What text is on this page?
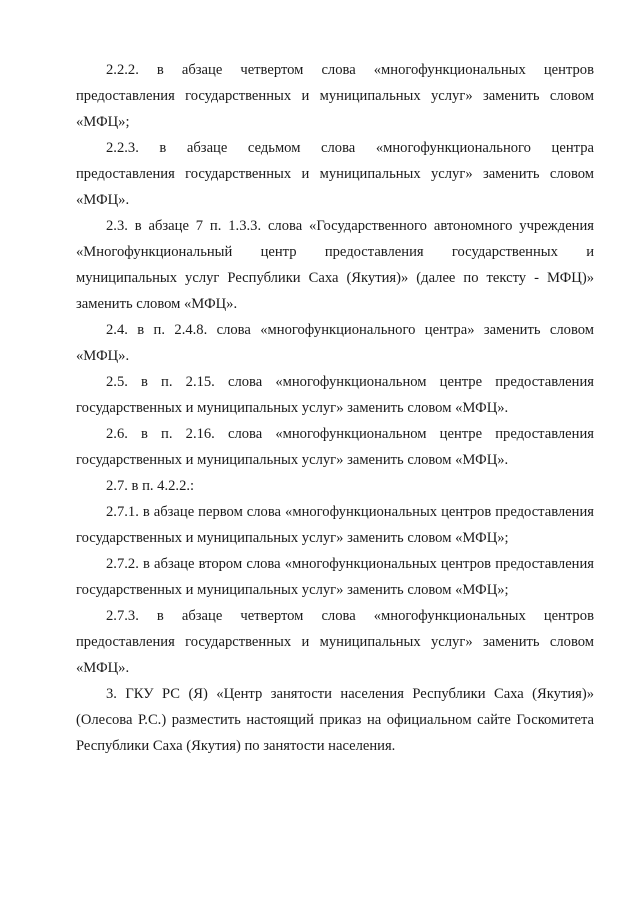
2.2.2. в абзаце четвертом слова «многофункциональных центров предоставления государственных и муниципальных услуг» заменить словом «МФЦ»;

2.2.3. в абзаце седьмом слова «многофункционального центра предоставления государственных и муниципальных услуг» заменить словом «МФЦ».

2.3. в абзаце 7 п. 1.3.3. слова «Государственного автономного учреждения «Многофункциональный центр предоставления государственных и муниципальных услуг Республики Саха (Якутия)» (далее по тексту - МФЦ)» заменить словом «МФЦ».

2.4. в п. 2.4.8. слова «многофункционального центра» заменить словом «МФЦ».

2.5. в п. 2.15. слова «многофункциональном центре предоставления государственных и муниципальных услуг» заменить словом «МФЦ».

2.6. в п. 2.16. слова «многофункциональном центре предоставления государственных и муниципальных услуг» заменить словом «МФЦ».

2.7. в п. 4.2.2.:

2.7.1. в абзаце первом слова «многофункциональных центров предоставления государственных и муниципальных услуг» заменить словом «МФЦ»;

2.7.2. в абзаце втором слова «многофункциональных центров предоставления государственных и муниципальных услуг» заменить словом «МФЦ»;

2.7.3. в абзаце четвертом слова «многофункциональных центров предоставления государственных и муниципальных услуг» заменить словом «МФЦ».

3. ГКУ РС (Я) «Центр занятости населения Республики Саха (Якутия)» (Олесова Р.С.) разместить настоящий приказ на официальном сайте Госкомитета Республики Саха (Якутия) по занятости населения.
